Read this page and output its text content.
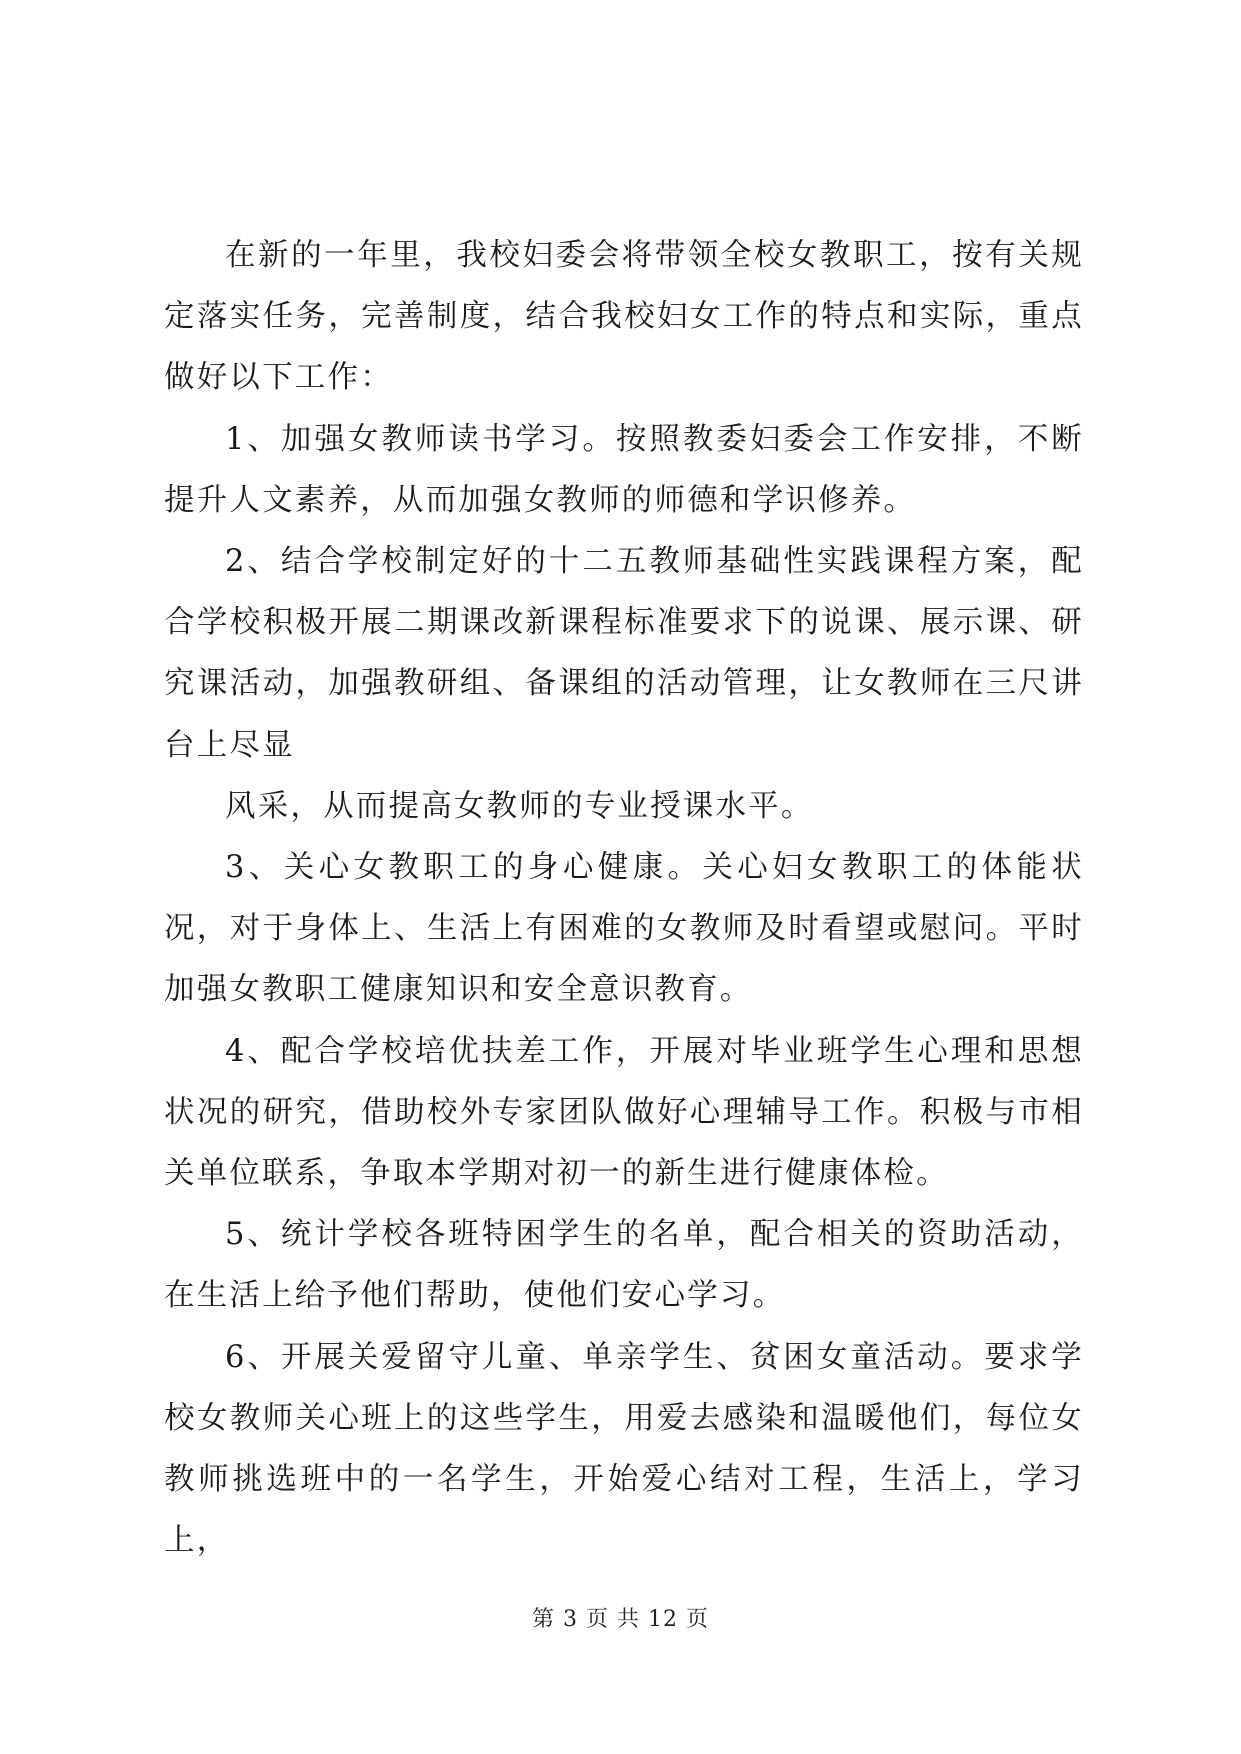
在新的一年里，我校妇委会将带领全校女教职工，按有关规定落实任务，完善制度，结合我校妇女工作的特点和实际，重点做好以下工作：

1、加强女教师读书学习。按照教委妇委会工作安排，不断提升人文素养，从而加强女教师的师德和学识修养。

2、结合学校制定好的十二五教师基础性实践课程方案，配合学校积极开展二期课改新课程标准要求下的说课、展示课、研究课活动，加强教研组、备课组的活动管理，让女教师在三尺讲台上尽显

风采，从而提高女教师的专业授课水平。

3、关心女教职工的身心健康。关心妇女教职工的体能状况，对于身体上、生活上有困难的女教师及时看望或慰问。平时加强女教职工健康知识和安全意识教育。

4、配合学校培优扶差工作，开展对毕业班学生心理和思想状况的研究，借助校外专家团队做好心理辅导工作。积极与市相关单位联系，争取本学期对初一的新生进行健康体检。

5、统计学校各班特困学生的名单，配合相关的资助活动，在生活上给予他们帮助，使他们安心学习。

6、开展关爱留守儿童、单亲学生、贫困女童活动。要求学校女教师关心班上的这些学生，用爱去感染和温暖他们，每位女教师挑选班中的一名学生，开始爱心结对工程，生活上，学习上，

第 3 页 共 12 页
